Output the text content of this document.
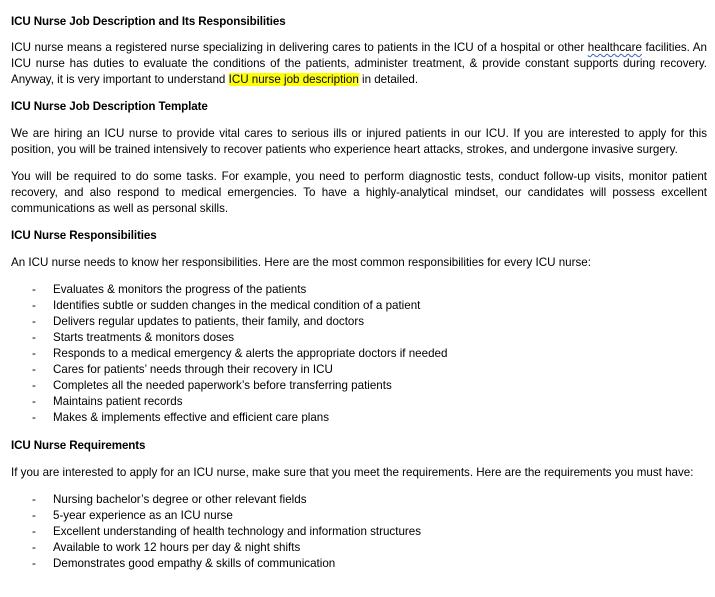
ICU Nurse Job Description and Its Responsibilities

ICU nurse means a registered nurse specializing in delivering cares to patients in the ICU of a hospital or other healthcare facilities. An ICU nurse has duties to evaluate the conditions of the patients, administer treatment, & provide constant supports during recovery. Anyway, it is very important to understand ICU nurse job description in detailed.

ICU Nurse Job Description Template

We are hiring an ICU nurse to provide vital cares to serious ills or injured patients in our ICU. If you are interested to apply for this position, you will be trained intensively to recover patients who experience heart attacks, strokes, and undergone invasive surgery.

You will be required to do some tasks. For example, you need to perform diagnostic tests, conduct follow-up visits, monitor patient recovery, and also respond to medical emergencies. To have a highly-analytical mindset, our candidates will possess excellent communications as well as personal skills.

ICU Nurse Responsibilities

An ICU nurse needs to know her responsibilities. Here are the most common responsibilities for every ICU nurse:

- Evaluates & monitors the progress of the patients
- Identifies subtle or sudden changes in the medical condition of a patient
- Delivers regular updates to patients, their family, and doctors
- Starts treatments & monitors doses
- Responds to a medical emergency & alerts the appropriate doctors if needed
- Cares for patients’ needs through their recovery in ICU
- Completes all the needed paperwork’s before transferring patients
- Maintains patient records
- Makes & implements effective and efficient care plans
ICU Nurse Requirements

If you are interested to apply for an ICU nurse, make sure that you meet the requirements. Here are the requirements you must have:

- Nursing bachelor’s degree or other relevant fields
- 5-year experience as an ICU nurse
- Excellent understanding of health technology and information structures
- Available to work 12 hours per day & night shifts
- Demonstrates good empathy & skills of communication
